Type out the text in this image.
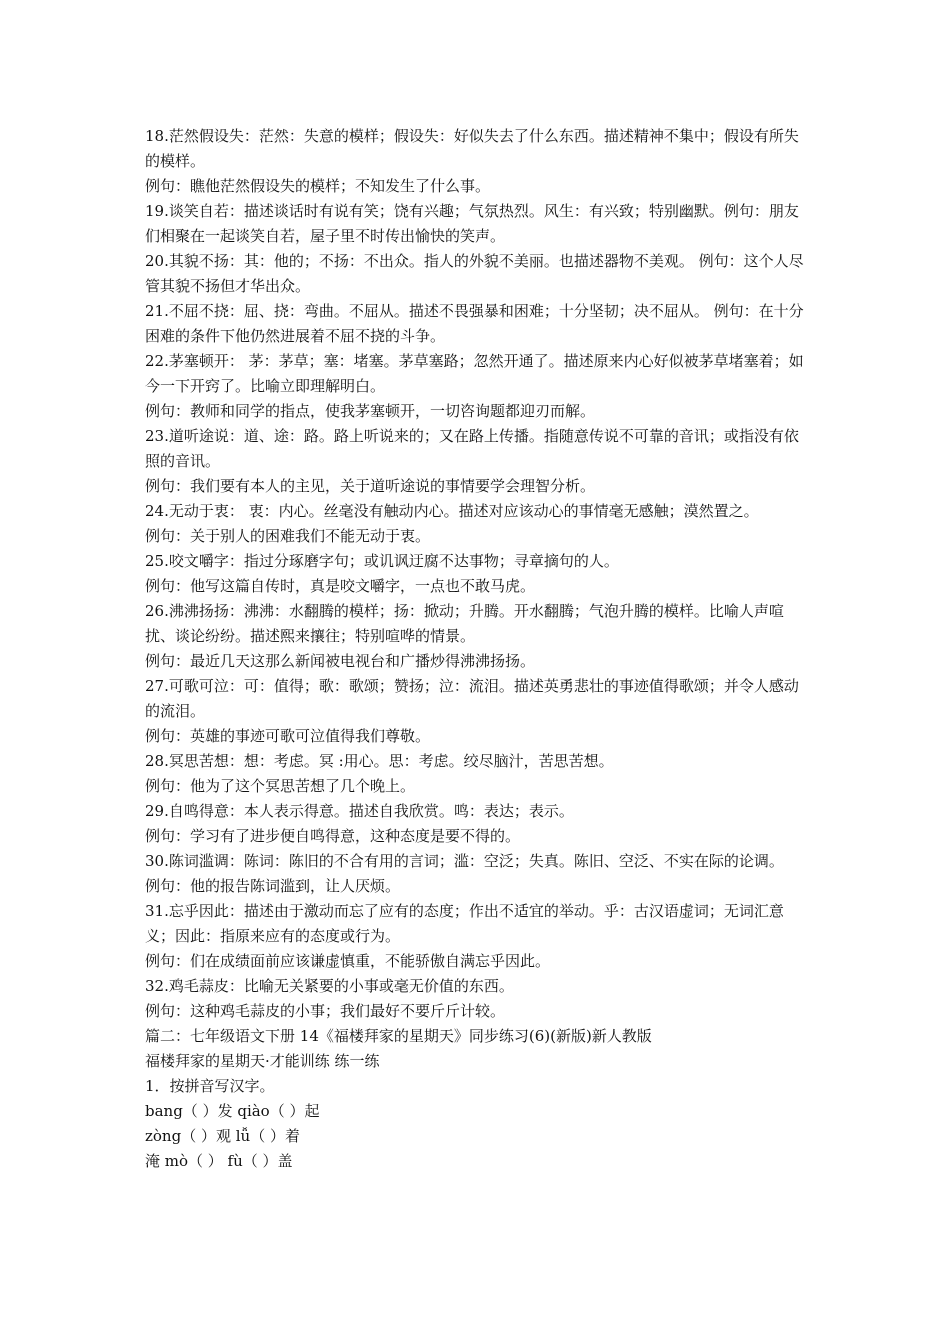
18.茫然假设失：茫然：失意的模样；假设失：好似失去了什么东西。描述精神不集中；假设有所失的模样。

例句：瞧他茫然假设失的模样；不知发生了什么事。

19.谈笑自若：描述谈话时有说有笑；饶有兴趣；气氛热烈。风生：有兴致；特别幽默。例句：朋友们相聚在一起谈笑自若，屋子里不时传出愉快的笑声。

20.其貌不扬：其：他的；不扬：不出众。指人的外貌不美丽。也描述器物不美观。 例句：这个人尽管其貌不扬但才华出众。

21.不屈不挠：屈、挠：弯曲。不屈从。描述不畏强暴和困难；十分坚韧；决不屈从。 例句：在十分困难的条件下他仍然进展着不屈不挠的斗争。

22.茅塞顿开： 茅：茅草；塞：堵塞。茅草塞路；忽然开通了。描述原来内心好似被茅草堵塞着；如今一下开窍了。比喻立即理解明白。

例句：教师和同学的指点，使我茅塞顿开，一切咨询题都迎刃而解。

23.道听途说：道、途：路。路上听说来的；又在路上传播。指随意传说不可靠的音讯；或指没有依照的音讯。

例句：我们要有本人的主见，关于道听途说的事情要学会理智分析。

24.无动于衷： 衷：内心。丝毫没有触动内心。描述对应该动心的事情毫无感触；漠然置之。

例句：关于别人的困难我们不能无动于衷。

25.咬文嚼字：指过分琢磨字句；或讥讽迂腐不达事物；寻章摘句的人。

例句：他写这篇自传时，真是咬文嚼字，一点也不敢马虎。

26.沸沸扬扬：沸沸：水翻腾的模样；扬：掀动；升腾。开水翻腾；气泡升腾的模样。比喻人声喧扰、谈论纷纷。描述熙来攘往；特别喧哗的情景。

例句：最近几天这那么新闻被电视台和广播炒得沸沸扬扬。

27.可歌可泣：可：值得；歌：歌颂；赞扬；泣：流泪。描述英勇悲壮的事迹值得歌颂；并令人感动的流泪。

例句：英雄的事迹可歌可泣值得我们尊敬。

28.冥思苦想：想：考虑。冥 :用心。思：考虑。绞尽脑汁，苦思苦想。

例句：他为了这个冥思苦想了几个晚上。

29.自鸣得意：本人表示得意。描述自我欣赏。鸣：表达；表示。

例句：学习有了进步便自鸣得意，这种态度是要不得的。

30.陈词滥调：陈词：陈旧的不合有用的言词；滥：空泛；失真。陈旧、空泛、不实在际的论调。

例句：他的报告陈词滥到，让人厌烦。

31.忘乎因此：描述由于激动而忘了应有的态度；作出不适宜的举动。乎：古汉语虚词；无词汇意义；因此：指原来应有的态度或行为。

例句：们在成绩面前应该谦虚慎重，不能骄傲自满忘乎因此。

32.鸡毛蒜皮：比喻无关紧要的小事或毫无价值的东西。

例句：这种鸡毛蒜皮的小事；我们最好不要斤斤计较。

篇二：七年级语文下册 14《福楼拜家的星期天》同步练习(6)(新版)新人教版

福楼拜家的星期天·才能训练 练一练

1．按拼音写汉字。

bang（ ）发 qiào（ ）起

zòng（ ）观 lǚ（ ）着

淹 mò（ ） fù（ ）盖
